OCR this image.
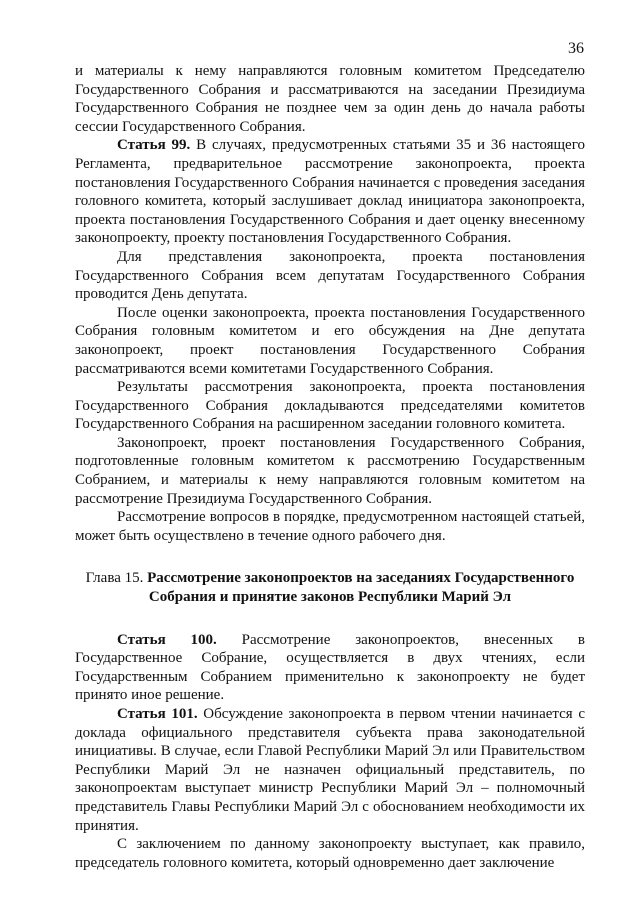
36

и материалы к нему направляются головным комитетом Председателю Государственного Собрания и рассматриваются на заседании Президиума Государственного Собрания не позднее чем за один день до начала работы сессии Государственного Собрания.

Статья 99. В случаях, предусмотренных статьями 35 и 36 настоящего Регламента, предварительное рассмотрение законопроекта, проекта постановления Государственного Собрания начинается с проведения заседания головного комитета, который заслушивает доклад инициатора законопроекта, проекта постановления Государственного Собрания и дает оценку внесенному законопроекту, проекту постановления Государственного Собрания.

Для представления законопроекта, проекта постановления Государственного Собрания всем депутатам Государственного Собрания проводится День депутата.

После оценки законопроекта, проекта постановления Государственного Собрания головным комитетом и его обсуждения на Дне депутата законопроект, проект постановления Государственного Собрания рассматриваются всеми комитетами Государственного Собрания.

Результаты рассмотрения законопроекта, проекта постановления Государственного Собрания докладываются председателями комитетов Государственного Собрания на расширенном заседании головного комитета.

Законопроект, проект постановления Государственного Собрания, подготовленные головным комитетом к рассмотрению Государственным Собранием, и материалы к нему направляются головным комитетом на рассмотрение Президиума Государственного Собрания.

Рассмотрение вопросов в порядке, предусмотренном настоящей статьей, может быть осуществлено в течение одного рабочего дня.

Глава 15. Рассмотрение законопроектов на заседаниях Государственного Собрания и принятие законов Республики Марий Эл

Статья 100. Рассмотрение законопроектов, внесенных в Государственное Собрание, осуществляется в двух чтениях, если Государственным Собранием применительно к законопроекту не будет принято иное решение.

Статья 101. Обсуждение законопроекта в первом чтении начинается с доклада официального представителя субъекта права законодательной инициативы. В случае, если Главой Республики Марий Эл или Правительством Республики Марий Эл не назначен официальный представитель, по законопроектам выступает министр Республики Марий Эл – полномочный представитель Главы Республики Марий Эл с обоснованием необходимости их принятия.

С заключением по данному законопроекту выступает, как правило, председатель головного комитета, который одновременно дает заключение
